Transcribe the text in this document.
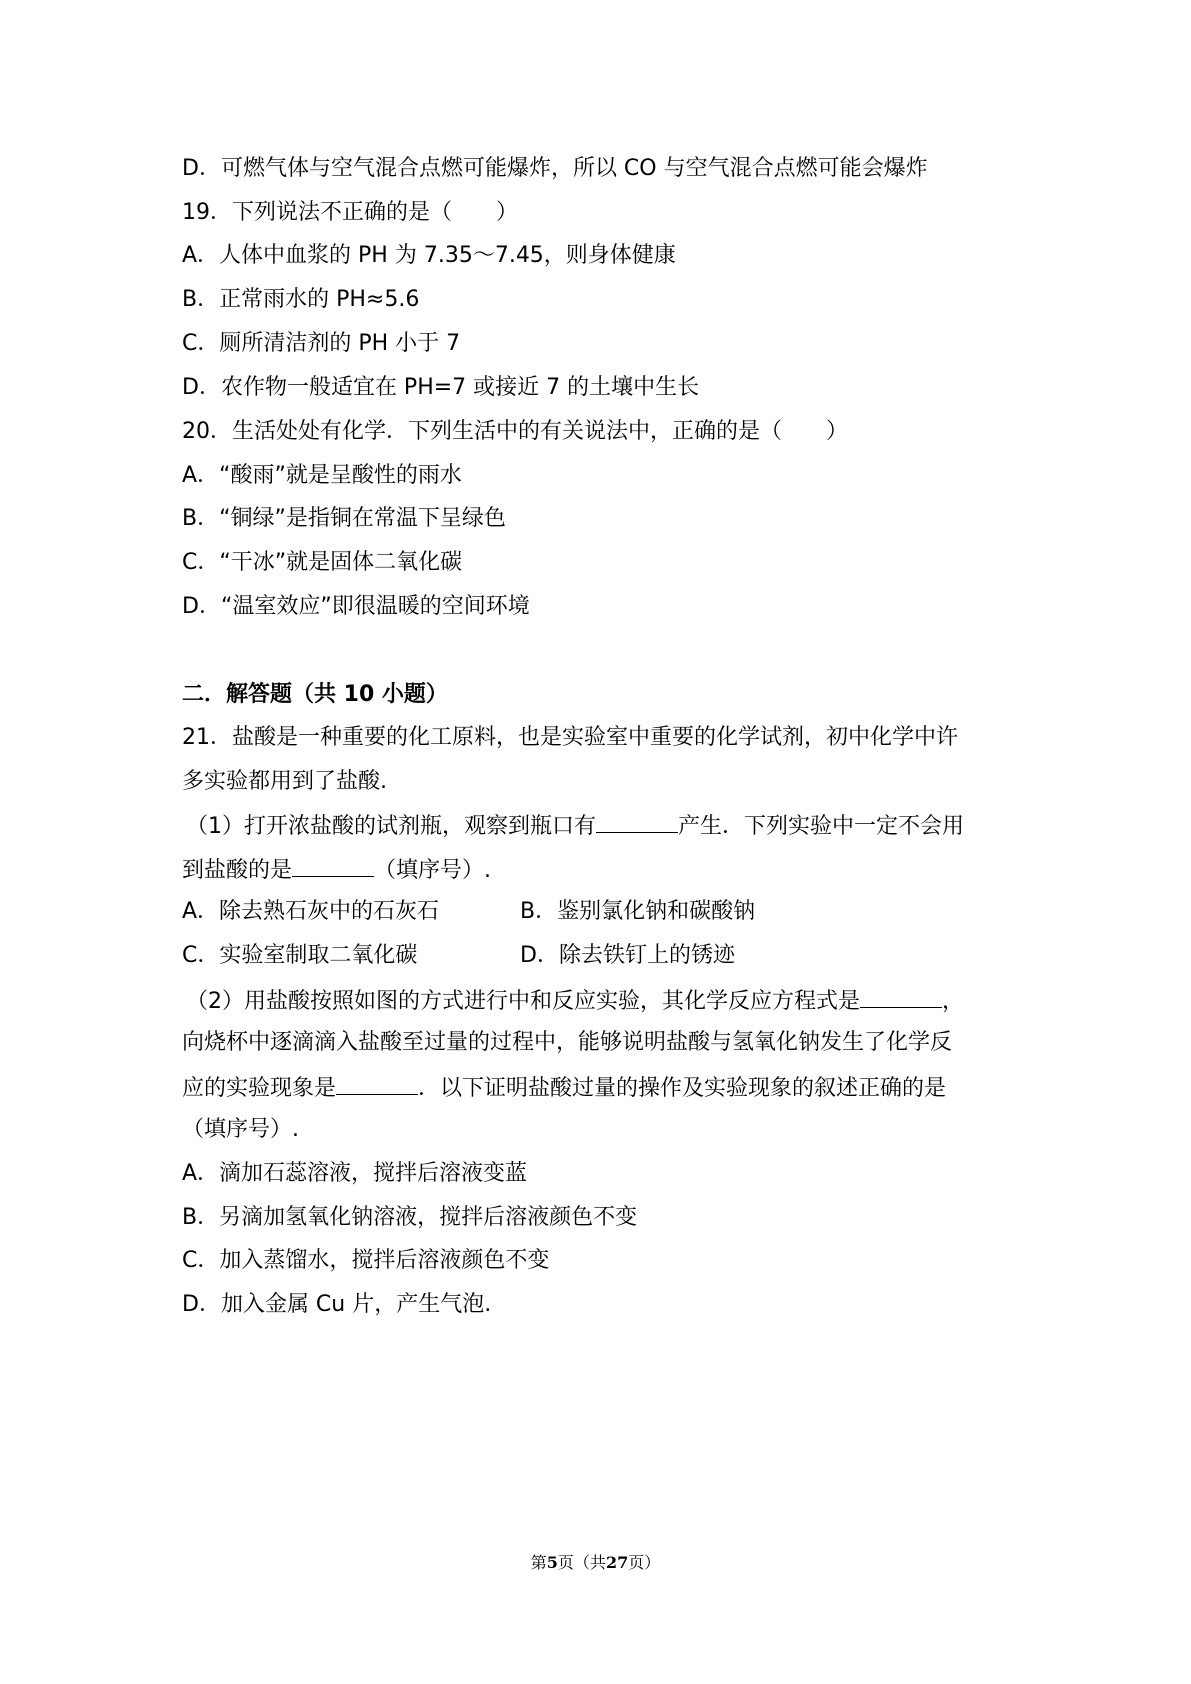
D．可燃气体与空气混合点燃可能爆炸，所以 CO 与空气混合点燃可能会爆炸
19．下列说法不正确的是（　　）
A．人体中血浆的 PH 为 7.35～7.45，则身体健康
B．正常雨水的 PH≈5.6
C．厕所清洁剂的 PH 小于 7
D．农作物一般适宜在 PH=7 或接近 7 的土壤中生长
20．生活处处有化学．下列生活中的有关说法中，正确的是（　　）
A．“酸雨”就是呈酸性的雨水
B．“铜绿”是指铜在常温下呈绿色
C．“干冰”就是固体二氧化碳
D．“温室效应”即很温暖的空间环境
二．解答题（共 10 小题）
21．盐酸是一种重要的化工原料，也是实验室中重要的化学试剂，初中化学中许
多实验都用到了盐酸.
（1）打开浓盐酸的试剂瓶，观察到瓶口有	产生．下列实验中一定不会用
到盐酸的是	（填序号）.
A．除去熟石灰中的石灰石	B．鉴别氯化钠和碳酸钠
C．实验室制取二氧化碳	D．除去铁钉上的锈迹
（2）用盐酸按照如图的方式进行中和反应实验，其化学反应方程式是	，
向烧杯中逐滴滴入盐酸至过量的过程中，能够说明盐酸与氢氧化钠发生了化学反
应的实验现象是	．以下证明盐酸过量的操作及实验现象的叙述正确的是
（填序号）.
A．滴加石蕊溶液，搅拌后溶液变蓝
B．另滴加氢氧化钠溶液，搅拌后溶液颜色不变
C．加入蒸馏水，搅拌后溶液颜色不变
D．加入金属 Cu 片，产生气泡.
第5页（共27页）
